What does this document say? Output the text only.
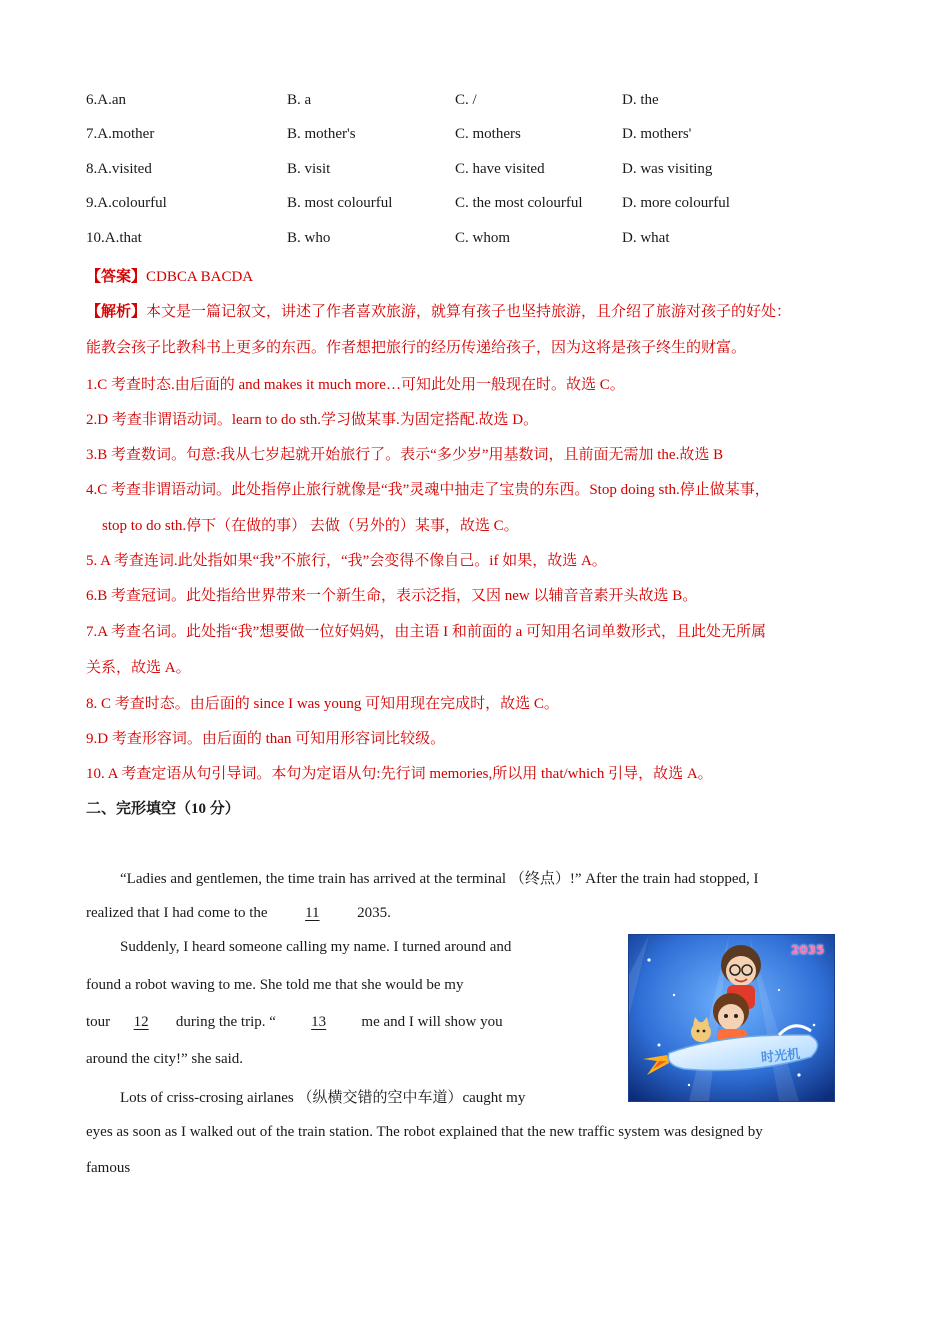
6.A.an	B. a	C. /	D. the
7.A.mother	B. mother's	C. mothers	D. mothers'
8.A.visited	B. visit	C. have visited	D. was visiting
9.A.colourful	B. most colourful	C. the most colourful	D. more colourful
10.A.that	B. who	C. whom	D. what
【答案】CDBCA BACDA
【解析】本文是一篇记叙文，讲述了作者喜欢旅游，就算有孩子也坚持旅游，且介绍了旅游对孩子的好处：
能教会孩子比教科书上更多的东西。作者想把旅行的经历传递给孩子，因为这将是孩子终生的财富。
1.C 考查时态.由后面的 and makes it much more…可知此处用一般现在时。故选 C。
2.D 考查非谓语动词。learn to do sth.学习做某事.为固定搭配.故选 D。
3.B 考查数词。句意:我从七岁起就开始旅行了。表示“多少岁”用基数词，且前面无需加 the.故选 B
4.C 考查非谓语动词。此处指停止旅行就像是“我”灵魂中抽走了宝贵的东西。Stop doing sth.停止做某事，
stop to do sth.停下（在做的事） 去做（另外的）某事，故选 C。
5. A 考查连词.此处指如果“我”不旅行，“我”会变得不像自己。if 如果，故选 A。
6.B 考查冠词。此处指给世界带来一个新生命，表示泛指，又因 new 以辅音音素开头故选 B。
7.A 考查名词。此处指“我”想要做一位好妈妈，由主语 I 和前面的 a 可知用名词单数形式，且此处无所属
关系，故选 A。
8. C 考查时态。由后面的 since I was young 可知用现在完成时，故选 C。
9.D 考查形容词。由后面的 than 可知用形容词比较级。
10. A 考查定语从句引导词。本句为定语从句:先行词 memories,所以用 that/which 引导，故选 A。
二、完形填空（10 分）
“Ladies and gentlemen, the time train has arrived at the terminal （终点）!” After the train had stopped, I
realized that I had come to the 11 2035.
Suddenly, I heard someone calling my name. I turned around and
found a robot waving to me. She told me that she would be my
tour 12 during the trip. “ 13 me and I will show you
around the city!” she said.
Lots of criss-crosing airlanes （纵横交错的空中车道）caught my
eyes as soon as I walked out of the train station. The robot explained that the new traffic system was designed by
famous
2035
时光机
